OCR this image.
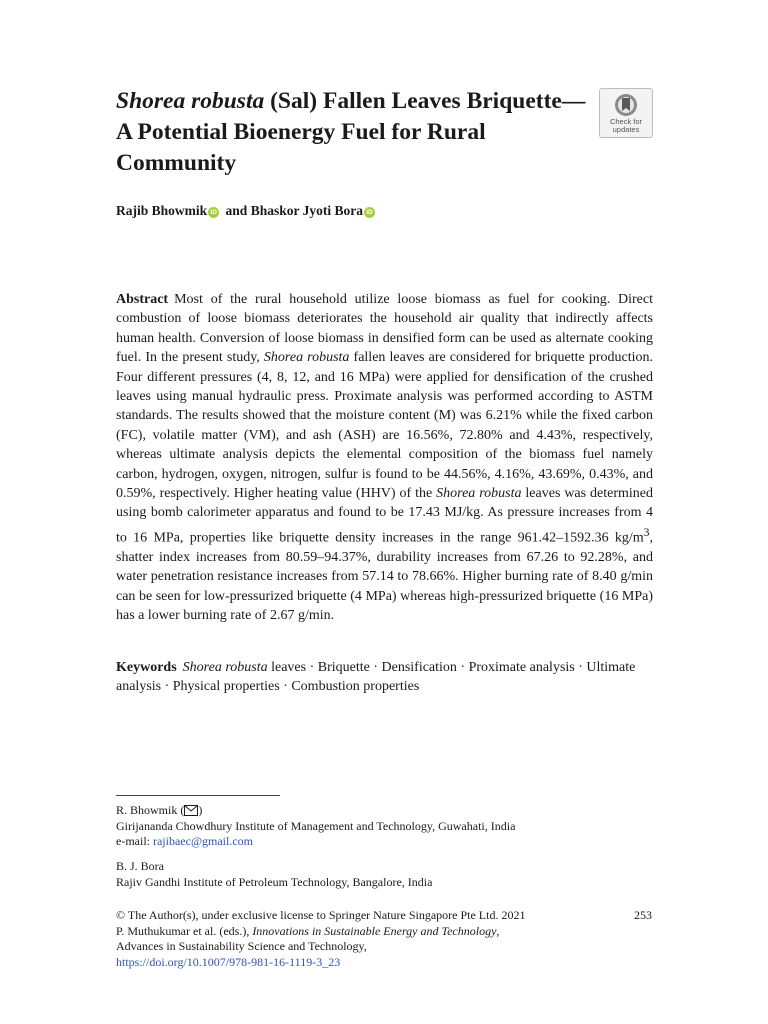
Shorea robusta (Sal) Fallen Leaves Briquette—A Potential Bioenergy Fuel for Rural Community
Check for
updates
Rajib Bhowmik iD and Bhaskor Jyoti Bora iD

Abstract Most of the rural household utilize loose biomass as fuel for cooking. Direct combustion of loose biomass deteriorates the household air quality that indirectly affects human health. Conversion of loose biomass in densified form can be used as alternate cooking fuel. In the present study, Shorea robusta fallen leaves are considered for briquette production. Four different pressures (4, 8, 12, and 16 MPa) were applied for densification of the crushed leaves using manual hydraulic press. Proximate analysis was performed according to ASTM standards. The results showed that the moisture content (M) was 6.21% while the fixed carbon (FC), volatile matter (VM), and ash (ASH) are 16.56%, 72.80% and 4.43%, respectively, whereas ultimate analysis depicts the elemental composition of the biomass fuel namely carbon, hydrogen, oxygen, nitrogen, sulfur is found to be 44.56%, 4.16%, 43.69%, 0.43%, and 0.59%, respectively. Higher heating value (HHV) of the Shorea robusta leaves was determined using bomb calorimeter apparatus and found to be 17.43 MJ/kg. As pressure increases from 4 to 16 MPa, properties like briquette density increases in the range 961.42–1592.36 $kg/m^3$, shatter index increases from 80.59–94.37%, durability increases from 67.26 to 92.28%, and water penetration resistance increases from 57.14 to 78.66%. Higher burning rate of 8.40 g/min can be seen for low-pressurized briquette (4 MPa) whereas high-pressurized briquette (16 MPa) has a lower burning rate of 2.67 g/min.

Keywords Shorea robusta leaves · Briquette · Densification · Proximate analysis · Ultimate analysis · Physical properties · Combustion properties

R. Bhowmik ( )
Girijananda Chowdhury Institute of Management and Technology, Guwahati, India
e-mail: rajibaec@gmail.com

B. J. Bora
Rajiv Gandhi Institute of Petroleum Technology, Bangalore, India

© The Author(s), under exclusive license to Springer Nature Singapore Pte Ltd. 2021
P. Muthukumar et al. (eds.), Innovations in Sustainable Energy and Technology,
Advances in Sustainability Science and Technology,
https://doi.org/10.1007/978-981-16-1119-3_23

253
